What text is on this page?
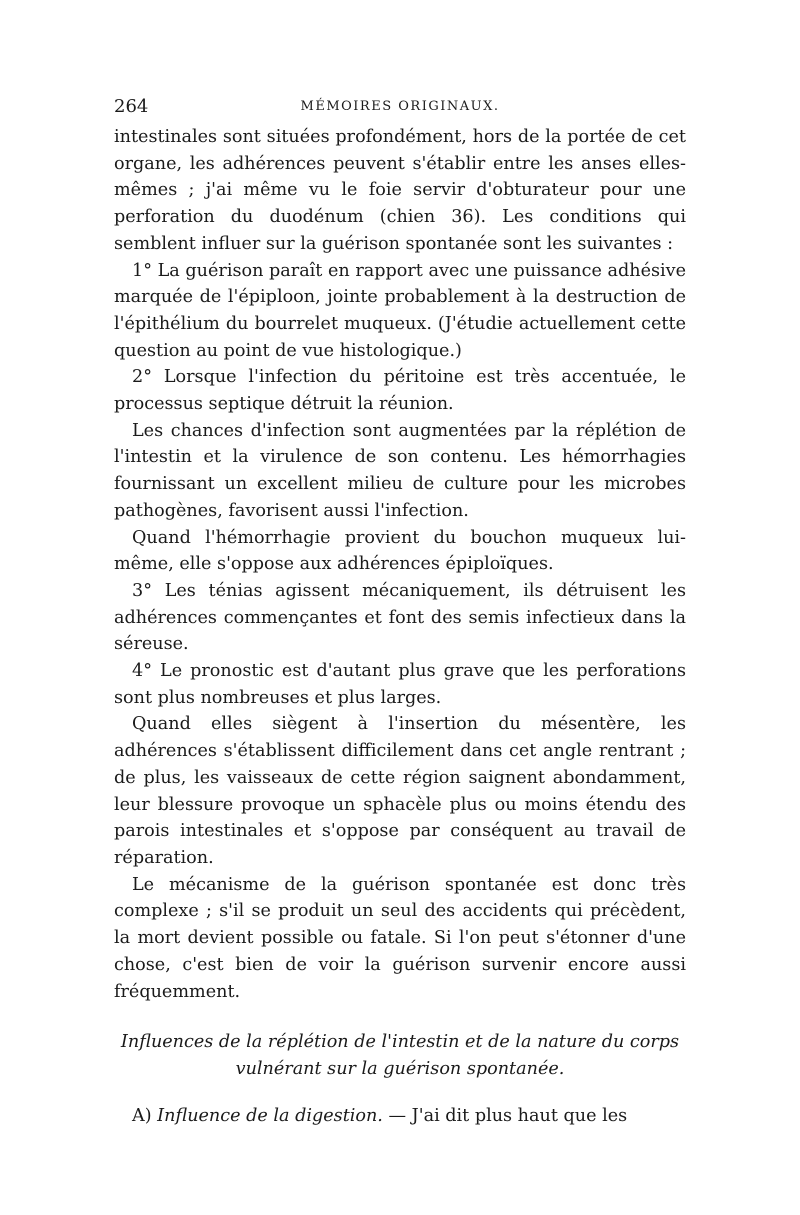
264	MÉMOIRES ORIGINAUX.

intestinales sont situées profondément, hors de la portée de cet organe, les adhérences peuvent s'établir entre les anses elles-mêmes ; j'ai même vu le foie servir d'obturateur pour une perforation du duodénum (chien 36). Les conditions qui semblent influer sur la guérison spontanée sont les suivantes :

1° La guérison paraît en rapport avec une puissance adhésive marquée de l'épiploon, jointe probablement à la destruction de l'épithélium du bourrelet muqueux. (J'étudie actuellement cette question au point de vue histologique.)

2° Lorsque l'infection du péritoine est très accentuée, le processus septique détruit la réunion.

Les chances d'infection sont augmentées par la réplétion de l'intestin et la virulence de son contenu. Les hémorrhagies fournissant un excellent milieu de culture pour les microbes pathogènes, favorisent aussi l'infection.

Quand l'hémorrhagie provient du bouchon muqueux lui-même, elle s'oppose aux adhérences épiploïques.

3° Les ténias agissent mécaniquement, ils détruisent les adhérences commençantes et font des semis infectieux dans la séreuse.

4° Le pronostic est d'autant plus grave que les perforations sont plus nombreuses et plus larges.

Quand elles siègent à l'insertion du mésentère, les adhérences s'établissent difficilement dans cet angle rentrant ; de plus, les vaisseaux de cette région saignent abondamment, leur blessure provoque un sphacèle plus ou moins étendu des parois intestinales et s'oppose par conséquent au travail de réparation.

Le mécanisme de la guérison spontanée est donc très complexe ; s'il se produit un seul des accidents qui précèdent, la mort devient possible ou fatale. Si l'on peut s'étonner d'une chose, c'est bien de voir la guérison survenir encore aussi fréquemment.

Influences de la réplétion de l'intestin et de la nature du corps
vulnérant sur la guérison spontanée.

A) Influence de la digestion. — J'ai dit plus haut que les
